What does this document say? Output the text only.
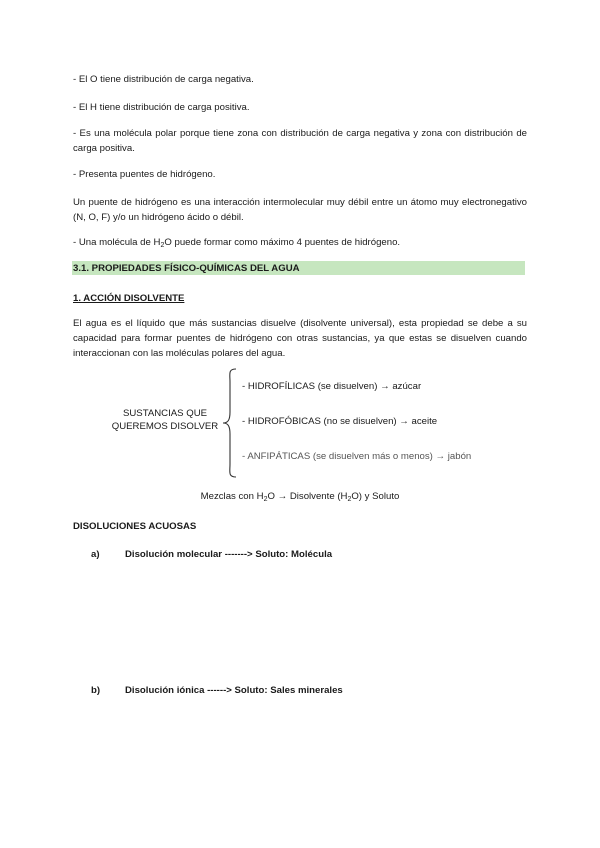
- El O tiene distribución de carga negativa.

- El H tiene distribución de carga positiva.

- Es una molécula polar porque tiene zona con distribución de carga negativa y zona con distribución de carga positiva.

- Presenta puentes de hidrógeno.

Un puente de hidrógeno es una interacción intermolecular muy débil entre un átomo muy electronegativo (N, O, F) y/o un hidrógeno ácido o débil.

- Una molécula de $H_2O$ puede formar como máximo 4 puentes de hidrógeno.

3.1. PROPIEDADES FÍSICO-QUÍMICAS DEL AGUA

1. ACCIÓN DISOLVENTE

El agua es el líquido que más sustancias disuelve (disolvente universal), esta propiedad se debe a su capacidad para formar puentes de hidrógeno con otras sustancias, ya que estas se disuelven cuando interaccionan con las moléculas polares del agua.

SUSTANCIAS QUE
QUEREMOS DISOLVER
- HIDROFÍLICAS (se disuelven) → azúcar
- HIDROFÓBICAS (no se disuelven) → aceite
- ANFIPÁTICAS (se disuelven más o menos) → jabón
Mezclas con $H_2O$ → Disolvente $(H_2O)$ y Soluto

DISOLUCIONES ACUOSAS

a)	Disolución molecular -------> Soluto: Molécula

b)	Disolución iónica ------> Soluto: Sales minerales
